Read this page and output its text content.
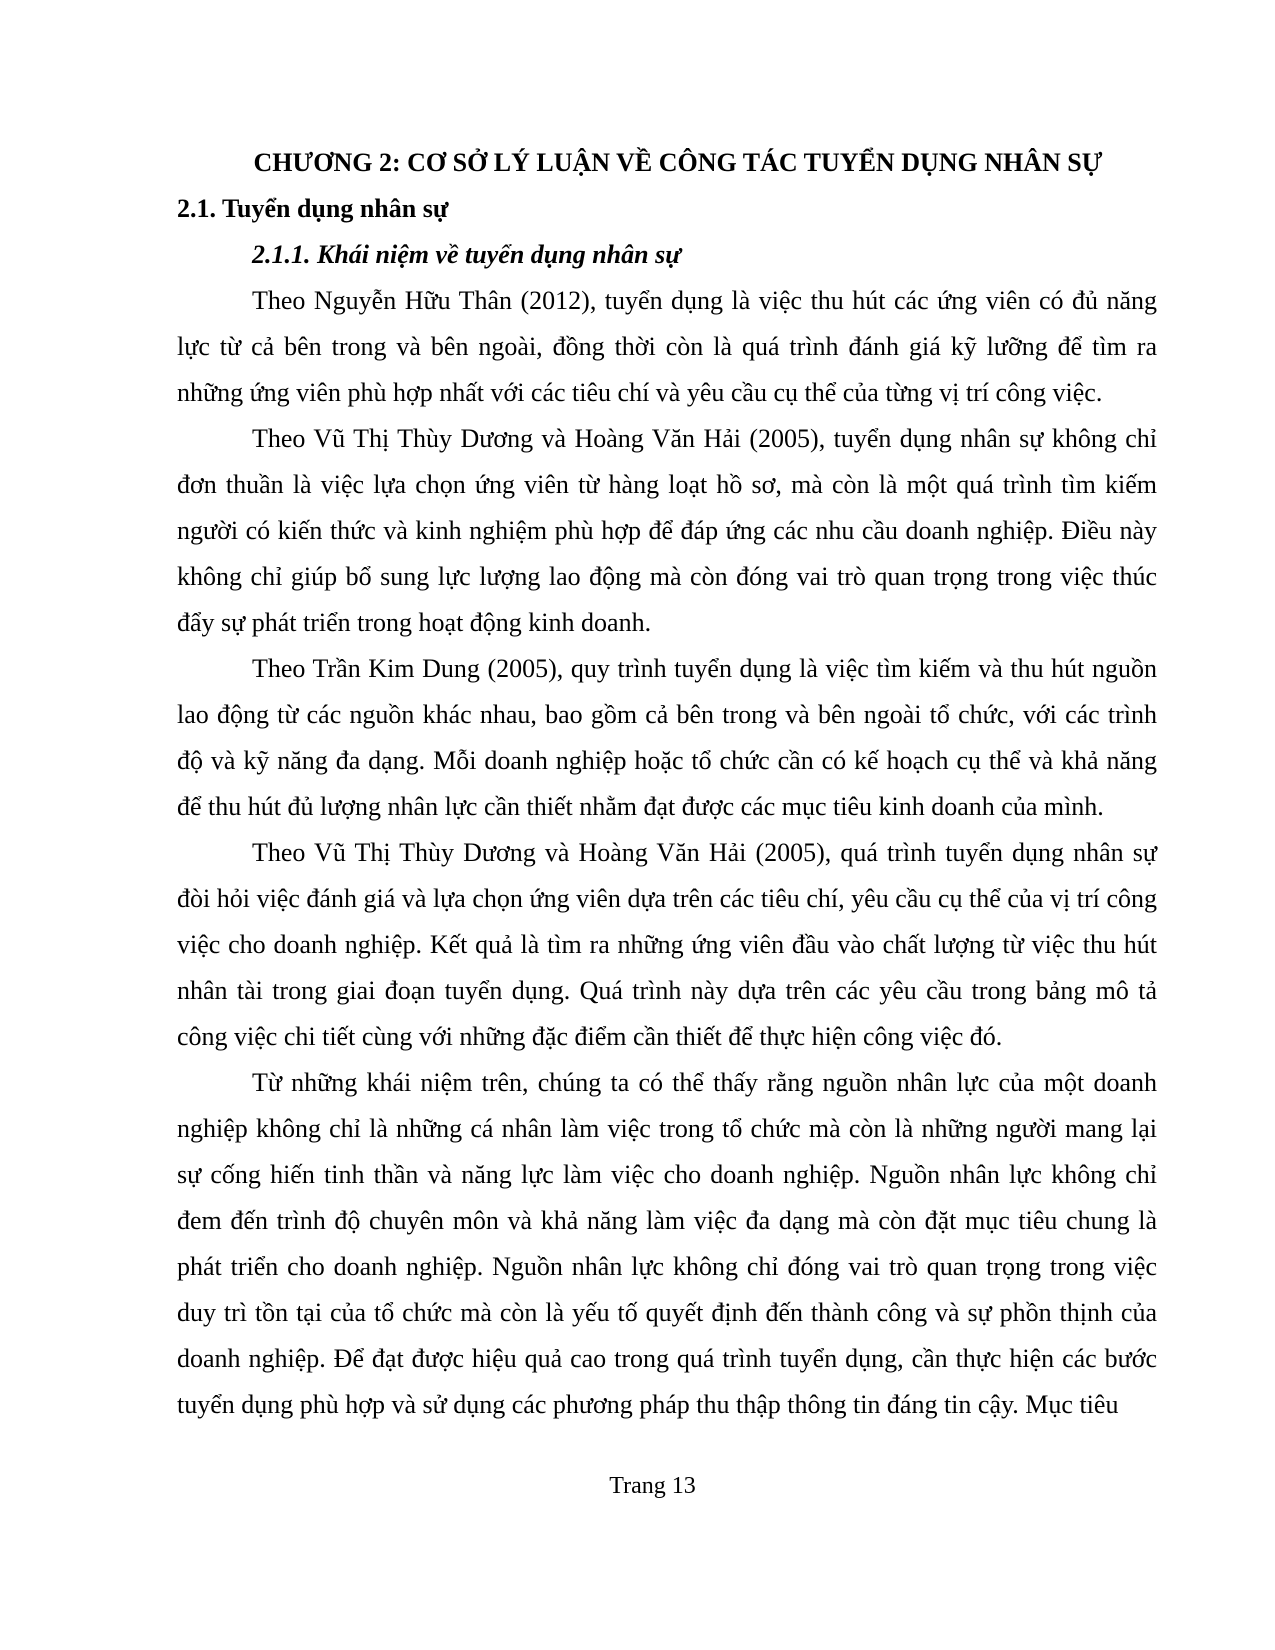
CHƯƠNG 2: CƠ SỞ LÝ LUẬN VỀ CÔNG TÁC TUYỂN DỤNG NHÂN SỰ
2.1. Tuyển dụng nhân sự
2.1.1. Khái niệm về tuyển dụng nhân sự

Theo Nguyễn Hữu Thân (2012), tuyển dụng là việc thu hút các ứng viên có đủ năng lực từ cả bên trong và bên ngoài, đồng thời còn là quá trình đánh giá kỹ lưỡng để tìm ra những ứng viên phù hợp nhất với các tiêu chí và yêu cầu cụ thể của từng vị trí công việc.

Theo Vũ Thị Thùy Dương và Hoàng Văn Hải (2005), tuyển dụng nhân sự không chỉ đơn thuần là việc lựa chọn ứng viên từ hàng loạt hồ sơ, mà còn là một quá trình tìm kiếm người có kiến thức và kinh nghiệm phù hợp để đáp ứng các nhu cầu doanh nghiệp. Điều này không chỉ giúp bổ sung lực lượng lao động mà còn đóng vai trò quan trọng trong việc thúc đẩy sự phát triển trong hoạt động kinh doanh.

Theo Trần Kim Dung (2005), quy trình tuyển dụng là việc tìm kiếm và thu hút nguồn lao động từ các nguồn khác nhau, bao gồm cả bên trong và bên ngoài tổ chức, với các trình độ và kỹ năng đa dạng. Mỗi doanh nghiệp hoặc tổ chức cần có kế hoạch cụ thể và khả năng để thu hút đủ lượng nhân lực cần thiết nhằm đạt được các mục tiêu kinh doanh của mình.

Theo Vũ Thị Thùy Dương và Hoàng Văn Hải (2005), quá trình tuyển dụng nhân sự đòi hỏi việc đánh giá và lựa chọn ứng viên dựa trên các tiêu chí, yêu cầu cụ thể của vị trí công việc cho doanh nghiệp. Kết quả là tìm ra những ứng viên đầu vào chất lượng từ việc thu hút nhân tài trong giai đoạn tuyển dụng. Quá trình này dựa trên các yêu cầu trong bảng mô tả công việc chi tiết cùng với những đặc điểm cần thiết để thực hiện công việc đó.

Từ những khái niệm trên, chúng ta có thể thấy rằng nguồn nhân lực của một doanh nghiệp không chỉ là những cá nhân làm việc trong tổ chức mà còn là những người mang lại sự cống hiến tinh thần và năng lực làm việc cho doanh nghiệp. Nguồn nhân lực không chỉ đem đến trình độ chuyên môn và khả năng làm việc đa dạng mà còn đặt mục tiêu chung là phát triển cho doanh nghiệp. Nguồn nhân lực không chỉ đóng vai trò quan trọng trong việc duy trì tồn tại của tổ chức mà còn là yếu tố quyết định đến thành công và sự phồn thịnh của doanh nghiệp. Để đạt được hiệu quả cao trong quá trình tuyển dụng, cần thực hiện các bước tuyển dụng phù hợp và sử dụng các phương pháp thu thập thông tin đáng tin cậy. Mục tiêu

Trang 13
